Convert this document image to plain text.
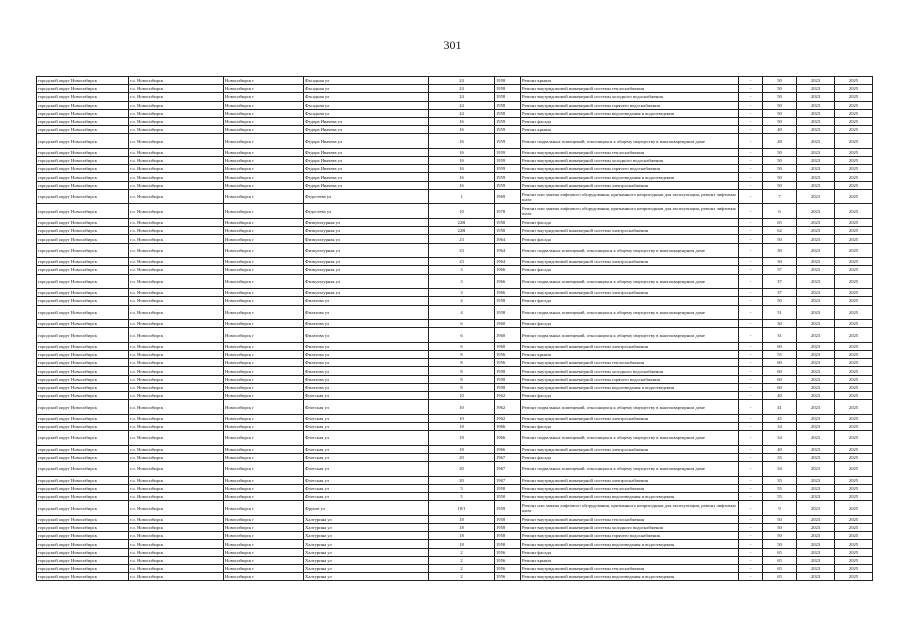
301
городской округ Новосибирск	г.о. Новосибирск	Новосибирск г	Фасадная ул	24	1958	Ремонт крыши	-	50	2023	2025
городской округ Новосибирск	г.о. Новосибирск	Новосибирск г	Фасадная ул	24	1958	Ремонт внутридомовой инженерной системы теплоснабжения	-	50	2023	2025
городской округ Новосибирск	г.о. Новосибирск	Новосибирск г	Фасадная ул	24	1958	Ремонт внутридомовой инженерной системы холодного водоснабжения	-	50	2023	2025
городской округ Новосибирск	г.о. Новосибирск	Новосибирск г	Фасадная ул	24	1958	Ремонт внутридомовой инженерной системы горячего водоснабжения	-	50	2023	2025
городской округ Новосибирск	г.о. Новосибирск	Новосибирск г	Фасадная ул	24	1958	Ремонт внутридомовой инженерной системы водоотведения и водоотведения	-	50	2023	2025
городской округ Новосибирск	г.о. Новосибирск	Новосибирск г	Федора Ивачева ул	16	1959	Ремонт фасада	-	50	2023	2025
городской округ Новосибирск	г.о. Новосибирск	Новосибирск г	Федора Ивачева ул	16	1959	Ремонт крыши	-	40	2023	2025
городской округ Новосибирск	г.о. Новосибирск	Новосибирск г	Федора Ивачева ул	16	1959	Ремонт подвальных помещений, относящихся к общему имуществу в многоквартирном доме	-	48	2023	2025
городской округ Новосибирск	г.о. Новосибирск	Новосибирск г	Федора Ивачева ул	16	1959	Ремонт внутридомовой инженерной системы теплоснабжения	-	50	2023	2025
городской округ Новосибирск	г.о. Новосибирск	Новосибирск г	Федора Ивачева ул	16	1959	Ремонт внутридомовой инженерной системы холодного водоснабжения	-	50	2023	2025
городской округ Новосибирск	г.о. Новосибирск	Новосибирск г	Федора Ивачева ул	16	1959	Ремонт внутридомовой инженерной системы горячего водоснабжения	-	50	2023	2025
городской округ Новосибирск	г.о. Новосибирск	Новосибирск г	Федора Ивачева ул	16	1959	Ремонт внутридомовой инженерной системы водоотведения и водоотведения	-	50	2023	2025
городской округ Новосибирск	г.о. Новосибирск	Новосибирск г	Федора Ивачева ул	16	1959	Ремонт внутридомовой инженерной системы электроснабжения	-	50	2023	2025
городской округ Новосибирск	г.о. Новосибирск	Новосибирск г	Федосеева ул	1	1969	Ремонт или замена лифтового оборудования, признанного непригодным для эксплуатации, ремонт лифтовых шахт	-	7	2023	2025
городской округ Новосибирск	г.о. Новосибирск	Новосибирск г	Федосеева ул	10	1978	Ремонт или замена лифтового оборудования, признанного непригодным для эксплуатации, ремонт лифтовых шахт	-	6	2023	2025
городской округ Новосибирск	г.о. Новосибирск	Новосибирск г	Физкультурная ул	22В	1958	Ремонт фасада	-	65	2023	2025
городской округ Новосибирск	г.о. Новосибирск	Новосибирск г	Физкультурная ул	22В	1958	Ремонт внутридомовой инженерной системы электроснабжения	-	62	2023	2025
городской округ Новосибирск	г.о. Новосибирск	Новосибирск г	Физкультурная ул	23	1964	Ремонт фасада	-	50	2023	2025
городской округ Новосибирск	г.о. Новосибирск	Новосибирск г	Физкультурная ул	23	1964	Ремонт подвальных помещений, относящихся к общему имуществу в многоквартирном доме	-	30	2023	2025
городской округ Новосибирск	г.о. Новосибирск	Новосибирск г	Физкультурная ул	23	1964	Ремонт внутридомовой инженерной системы электроснабжения	-	30	2023	2025
городской округ Новосибирск	г.о. Новосибирск	Новосибирск г	Физкультурная ул	3	1966	Ремонт фасада	-	57	2023	2025
городской округ Новосибирск	г.о. Новосибирск	Новосибирск г	Физкультурная ул	3	1966	Ремонт подвальных помещений, относящихся к общему имуществу в многоквартирном доме	-	37	2023	2025
городской округ Новосибирск	г.о. Новосибирск	Новосибирск г	Физкультурная ул	3	1966	Ремонт внутридомовой инженерной системы электроснабжения	-	37	2023	2025
городской округ Новосибирск	г.о. Новосибирск	Новосибирск г	Филатова ул	4	1958	Ремонт фасада	-	50	2023	2025
городской округ Новосибирск	г.о. Новосибирск	Новосибирск г	Филатова ул	4	1958	Ремонт подвальных помещений, относящихся к общему имуществу в многоквартирном доме	-	51	2023	2025
городской округ Новосибирск	г.о. Новосибирск	Новосибирск г	Филатова ул	6	1960	Ремонт фасада	-	30	2023	2025
городской округ Новосибирск	г.о. Новосибирск	Новосибирск г	Филатова ул	6	1960	Ремонт подвальных помещений, относящихся к общему имуществу в многоквартирном доме	-	31	2023	2025
городской округ Новосибирск	г.о. Новосибирск	Новосибирск г	Филатова ул	6	1960	Ремонт внутридомовой инженерной системы электроснабжения	-	60	2023	2025
городской округ Новосибирск	г.о. Новосибирск	Новосибирск г	Филатова ул	8	1956	Ремонт крыши	-	55	2023	2025
городской округ Новосибирск	г.о. Новосибирск	Новосибирск г	Филатова ул	8	1956	Ремонт внутридомовой инженерной системы теплоснабжения	-	60	2023	2025
городской округ Новосибирск	г.о. Новосибирск	Новосибирск г	Филатова ул	8	1958	Ремонт внутридомовой инженерной системы холодного водоснабжения	-	60	2023	2025
городской округ Новосибирск	г.о. Новосибирск	Новосибирск г	Филатова ул	8	1958	Ремонт внутридомовой инженерной системы горячего водоснабжения	-	60	2023	2025
городской округ Новосибирск	г.о. Новосибирск	Новосибирск г	Филатова ул	8	1958	Ремонт внутридомовой инженерной системы водоотведения и водоотведения	-	60	2023	2025
городской округ Новосибирск	г.о. Новосибирск	Новосибирск г	Флотская ул	10	1962	Ремонт фасада	-	40	2023	2025
городской округ Новосибирск	г.о. Новосибирск	Новосибирск г	Флотская ул	10	1962	Ремонт подвальных помещений, относящихся к общему имуществу в многоквартирном доме	-	41	2023	2025
городской округ Новосибирск	г.о. Новосибирск	Новосибирск г	Флотская ул	10	1962	Ремонт внутридомовой инженерной системы электроснабжения	-	45	2023	2025
городской округ Новосибирск	г.о. Новосибирск	Новосибирск г	Флотская ул	18	1966	Ремонт фасада	-	34	2023	2025
городской округ Новосибирск	г.о. Новосибирск	Новосибирск г	Флотская ул	18	1966	Ремонт подвальных помещений, относящихся к общему имуществу в многоквартирном доме	-	34	2023	2025
городской округ Новосибирск	г.о. Новосибирск	Новосибирск г	Флотская ул	18	1966	Ремонт внутридомовой инженерной системы электроснабжения	-	40	2023	2025
городской округ Новосибирск	г.о. Новосибирск	Новосибирск г	Флотская ул	20	1967	Ремонт фасада	-	35	2023	2025
городской округ Новосибирск	г.о. Новосибирск	Новосибирск г	Флотская ул	20	1967	Ремонт подвальных помещений, относящихся к общему имуществу в многоквартирном доме	-	34	2023	2025
городской округ Новосибирск	г.о. Новосибирск	Новосибирск г	Флотская ул	20	1967	Ремонт внутридомовой инженерной системы электроснабжения	-	35	2023	2025
городской округ Новосибирск	г.о. Новосибирск	Новосибирск г	Флотская ул	5	1950	Ремонт внутридомовой инженерной системы теплоснабжения	-	55	2023	2025
городской округ Новосибирск	г.о. Новосибирск	Новосибирск г	Флотская ул	5	1950	Ремонт внутридомовой инженерной системы водоотведения и водоотведения	-	55	2023	2025
городской округ Новосибирск	г.о. Новосибирск	Новосибирск г	Фрунзе ул	18/1	1959	Ремонт или замена лифтового оборудования, признанного непригодным для эксплуатации, ремонт лифтовых шахт	-	9	2023	2025
городской округ Новосибирск	г.о. Новосибирск	Новосибирск г	Халтурина ул	18	1958	Ремонт внутридомовой инженерной системы теплоснабжения	-	50	2023	2025
городской округ Новосибирск	г.о. Новосибирск	Новосибирск г	Халтурина ул	18	1958	Ремонт внутридомовой инженерной системы холодного водоснабжения	-	50	2023	2025
городской округ Новосибирск	г.о. Новосибирск	Новосибирск г	Халтурина ул	18	1958	Ремонт внутридомовой инженерной системы горячего водоснабжения	-	50	2023	2025
городской округ Новосибирск	г.о. Новосибирск	Новосибирск г	Халтурина ул	18	1958	Ремонт внутридомовой инженерной системы водоотведения и водоотведения	-	50	2023	2025
городской округ Новосибирск	г.о. Новосибирск	Новосибирск г	Халтурина ул	2	1956	Ремонт фасада	-	65	2023	2025
городской округ Новосибирск	г.о. Новосибирск	Новосибирск г	Халтурина ул	2	1956	Ремонт крыши	-	65	2023	2025
городской округ Новосибирск	г.о. Новосибирск	Новосибирск г	Халтурина ул	2	1956	Ремонт внутридомовой инженерной системы теплоснабжения	-	65	2023	2025
городской округ Новосибирск	г.о. Новосибирск	Новосибирск г	Халтурина ул	2	1956	Ремонт внутридомовой инженерной системы водоотведения и водоотведения	-	65	2023	2025
